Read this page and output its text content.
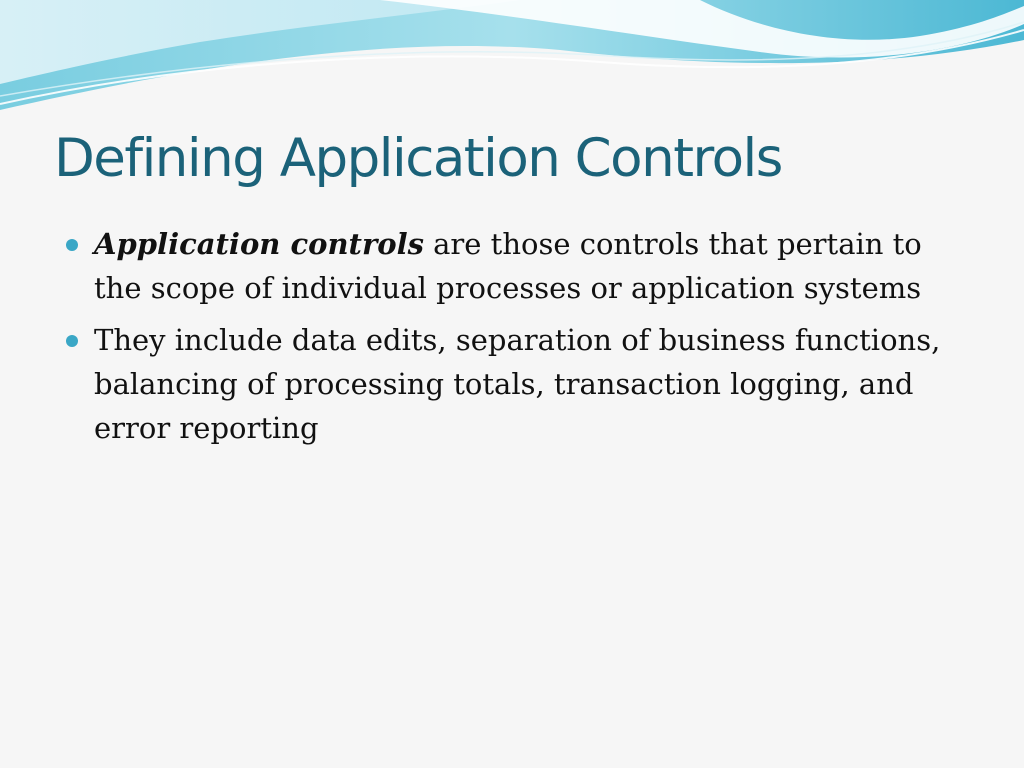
Defining Application Controls
Application controls are those controls that pertain to the scope of individual processes or application systems
They include data edits, separation of business functions, balancing of processing totals, transaction logging, and error reporting
